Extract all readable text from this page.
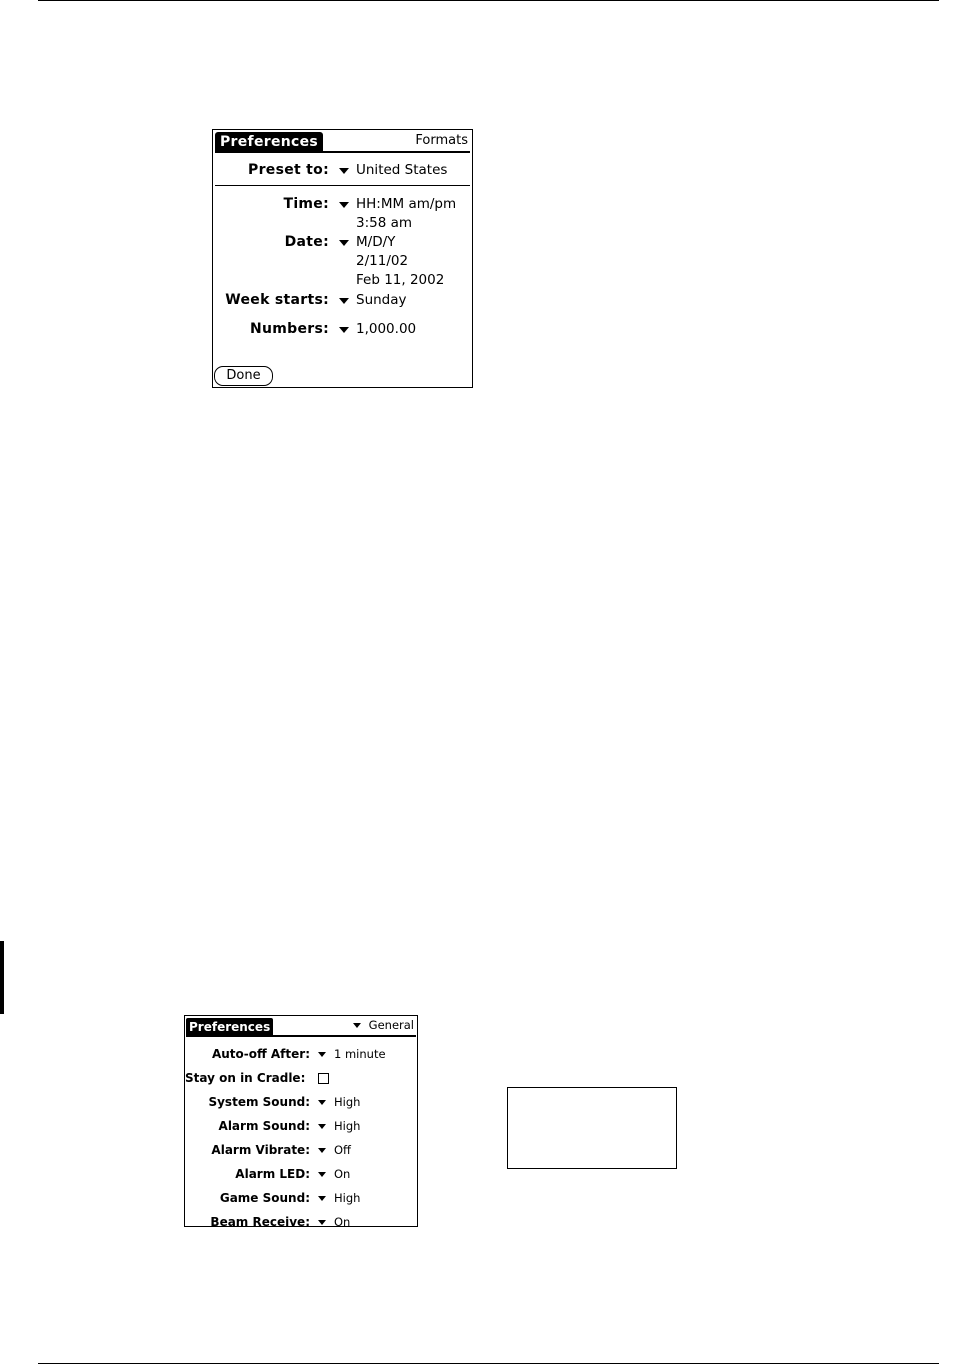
Preferences	Formats
Preset to: United States
Time: HH:MM am/pm
3:58 am
Date: M/D/Y
2/11/02
Feb 11, 2002
Week starts: Sunday
Numbers: 1,000.00
Done
Preferences	General
Auto-off After: 1 minute
Stay on in Cradle:
System Sound: High
Alarm Sound: High
Alarm Vibrate: Off
Alarm LED: On
Game Sound: High
Beam Receive: On
